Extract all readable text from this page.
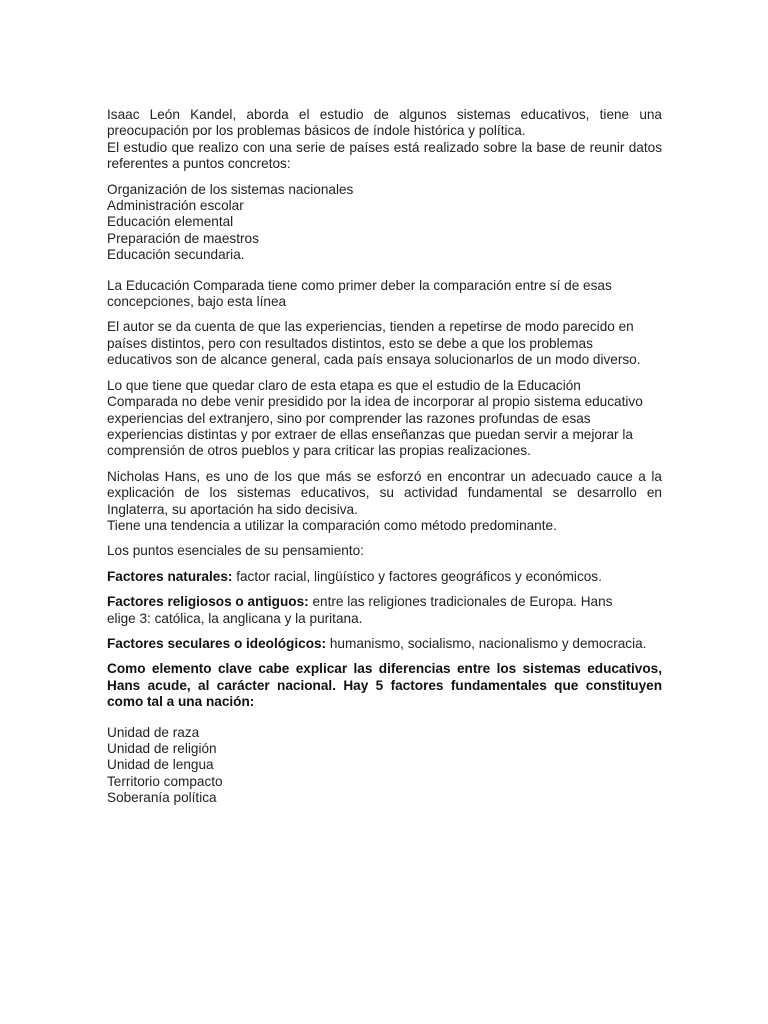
Isaac León Kandel, aborda el estudio de algunos sistemas educativos, tiene una preocupación por los problemas básicos de índole histórica y política.

El estudio que realizo con una serie de países está realizado sobre la base de reunir datos referentes a puntos concretos:

Organización de los sistemas nacionales
Administración escolar
Educación elemental
Preparación de maestros
Educación secundaria.

La Educación Comparada tiene como primer deber la comparación entre sí de esas concepciones, bajo esta línea

El autor se da cuenta de que las experiencias, tienden a repetirse de modo parecido en países distintos, pero con resultados distintos, esto se debe a que los problemas educativos son de alcance general, cada país ensaya solucionarlos de un modo diverso.

Lo que tiene que quedar claro de esta etapa es que el estudio de la Educación Comparada no debe venir presidido por la idea de incorporar al propio sistema educativo experiencias del extranjero, sino por comprender las razones profundas de esas experiencias distintas y por extraer de ellas enseñanzas que puedan servir a mejorar la comprensión de otros pueblos y para criticar las propias realizaciones.

Nicholas Hans, es uno de los que más se esforzó en encontrar un adecuado cauce a la explicación de los sistemas educativos, su actividad fundamental se desarrollo en Inglaterra, su aportación ha sido decisiva.

Tiene una tendencia a utilizar la comparación como método predominante.

Los puntos esenciales de su pensamiento:

Factores naturales: factor racial, lingüístico y factores geográficos y económicos.

Factores religiosos o antiguos: entre las religiones tradicionales de Europa. Hans elige 3: católica, la anglicana y la puritana.

Factores seculares o ideológicos: humanismo, socialismo, nacionalismo y democracia.

Como elemento clave cabe explicar las diferencias entre los sistemas educativos, Hans acude, al carácter nacional. Hay 5 factores fundamentales que constituyen como tal a una nación:

Unidad de raza
Unidad de religión
Unidad de lengua
Territorio compacto
Soberanía política
